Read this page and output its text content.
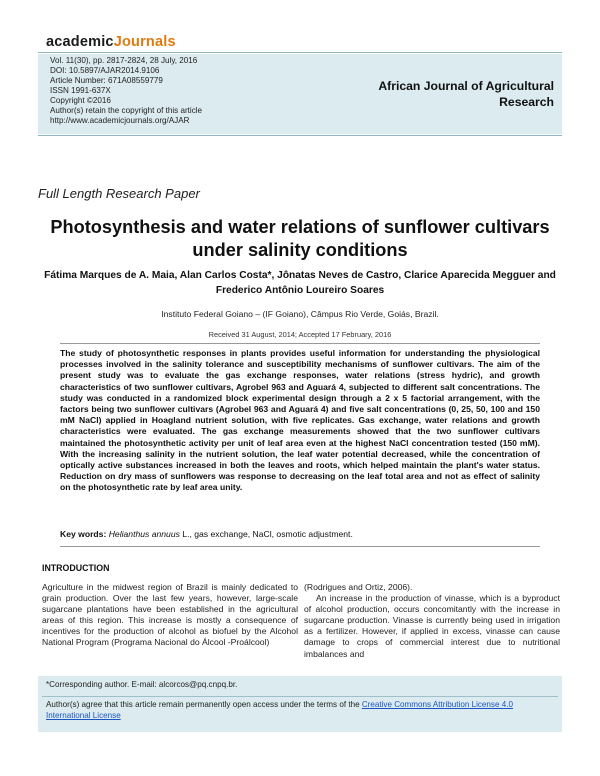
academicJournals
Vol. 11(30), pp. 2817-2824, 28 July, 2016
DOI: 10.5897/AJAR2014.9106
Article Number: 671A08559779
ISSN 1991-637X
Copyright ©2016
Author(s) retain the copyright of this article
http://www.academicjournals.org/AJAR
African Journal of Agricultural
Research
Full Length Research Paper
Photosynthesis and water relations of sunflower cultivars under salinity conditions
Fátima Marques de A. Maia, Alan Carlos Costa*, Jônatas Neves de Castro, Clarice Aparecida Megguer and Frederico Antônio Loureiro Soares
Instituto Federal Goiano – (IF Goiano), Câmpus Rio Verde, Goiás, Brazil.
Received 31 August, 2014; Accepted 17 February, 2016

The study of photosynthetic responses in plants provides useful information for understanding the physiological processes involved in the salinity tolerance and susceptibility mechanisms of sunflower cultivars. The aim of the present study was to evaluate the gas exchange responses, water relations (stress hydric), and growth characteristics of two sunflower cultivars, Agrobel 963 and Aguará 4, subjected to different salt concentrations. The study was conducted in a randomized block experimental design through a 2 x 5 factorial arrangement, with the factors being two sunflower cultivars (Agrobel 963 and Aguará 4) and five salt concentrations (0, 25, 50, 100 and 150 mM NaCl) applied in Hoagland nutrient solution, with five replicates. Gas exchange, water relations and growth characteristics were evaluated. The gas exchange measurements showed that the two sunflower cultivars maintained the photosynthetic activity per unit of leaf area even at the highest NaCl concentration tested (150 mM). With the increasing salinity in the nutrient solution, the leaf water potential decreased, while the concentration of optically active substances increased in both the leaves and roots, which helped maintain the plant's water status. Reduction on dry mass of sunflowers was response to decreasing on the leaf total area and not as effect of salinity on the photosynthetic rate by leaf area unity.

Key words: Helianthus annuus L., gas exchange, NaCl, osmotic adjustment.
INTRODUCTION

Agriculture in the midwest region of Brazil is mainly dedicated to grain production. Over the last few years, however, large-scale sugarcane plantations have been established in the agricultural areas of this region. This increase is mostly a consequence of incentives for the production of alcohol as biofuel by the Alcohol National Program (Programa Nacional do Álcool -Proálcool)

(Rodrigues and Ortiz, 2006).

An increase in the production of vinasse, which is a byproduct of alcohol production, occurs concomitantly with the increase in sugarcane production. Vinasse is currently being used in irrigation as a fertilizer. However, if applied in excess, vinasse can cause damage to crops of commercial interest due to nutritional imbalances and

*Corresponding author. E-mail: alcorcos@pq.cnpq.br.
Author(s) agree that this article remain permanently open access under the terms of the Creative Commons Attribution License 4.0 International License
